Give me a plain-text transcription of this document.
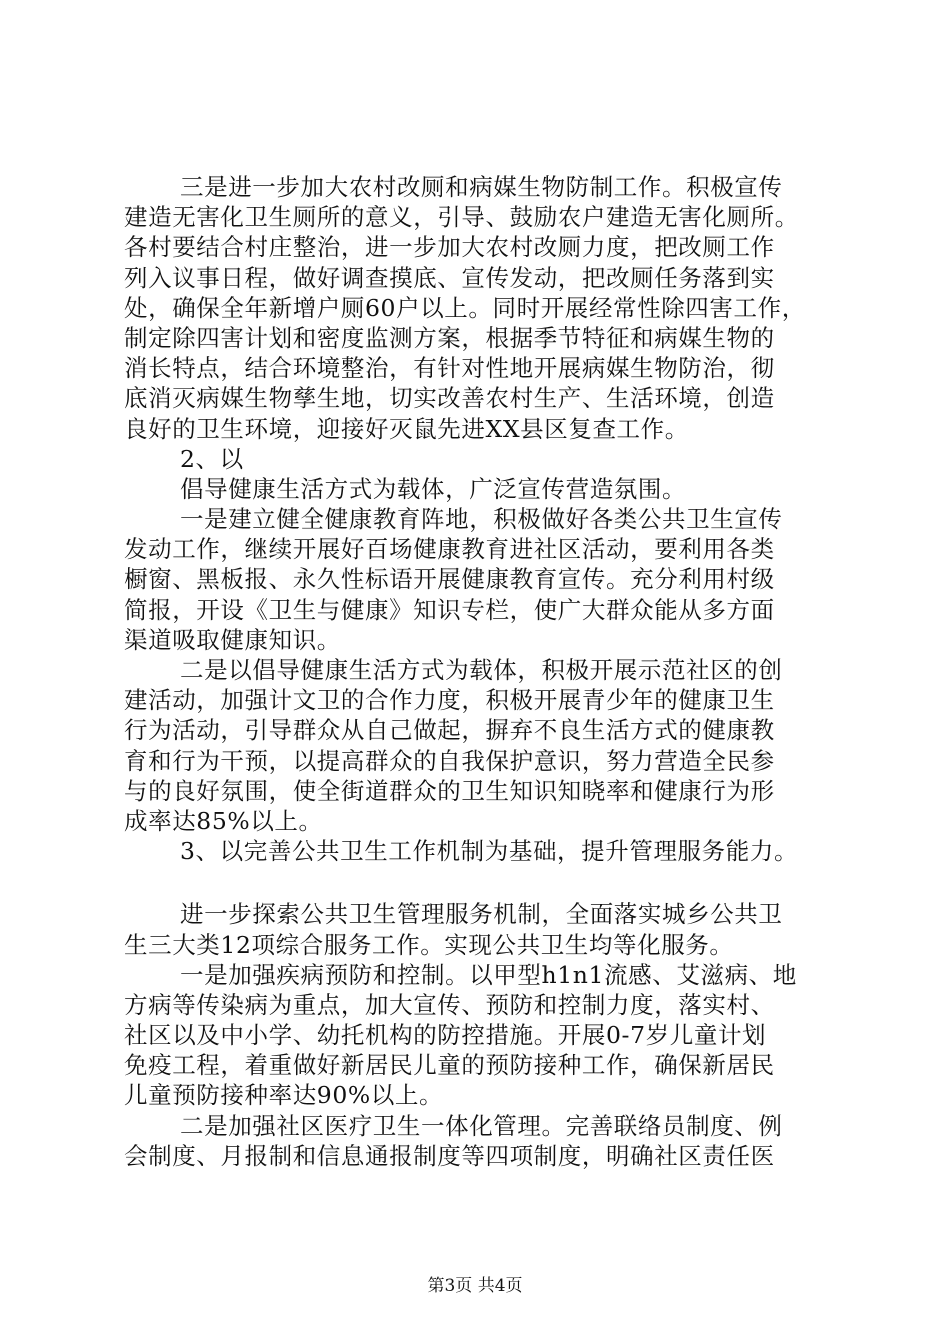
三是进一步加大农村改厕和病媒生物防制工作。积极宣传
建造无害化卫生厕所的意义，引导、鼓励农户建造无害化厕所。
各村要结合村庄整治，进一步加大农村改厕力度，把改厕工作
列入议事日程，做好调查摸底、宣传发动，把改厕任务落到实
处，确保全年新增户厕60户以上。同时开展经常性除四害工作，
制定除四害计划和密度监测方案，根据季节特征和病媒生物的
消长特点，结合环境整治，有针对性地开展病媒生物防治，彻
底消灭病媒生物孳生地，切实改善农村生产、生活环境，创造
良好的卫生环境，迎接好灭鼠先进XX县区复查工作。
2、以
倡导健康生活方式为载体，广泛宣传营造氛围。
一是建立健全健康教育阵地，积极做好各类公共卫生宣传
发动工作，继续开展好百场健康教育进社区活动，要利用各类
橱窗、黑板报、永久性标语开展健康教育宣传。充分利用村级
简报，开设《卫生与健康》知识专栏，使广大群众能从多方面
渠道吸取健康知识。
二是以倡导健康生活方式为载体，积极开展示范社区的创
建活动，加强计文卫的合作力度，积极开展青少年的健康卫生
行为活动，引导群众从自己做起，摒弃不良生活方式的健康教
育和行为干预，以提高群众的自我保护意识，努力营造全民参
与的良好氛围，使全街道群众的卫生知识知晓率和健康行为形
成率达85%以上。
3、以完善公共卫生工作机制为基础，提升管理服务能力。
进一步探索公共卫生管理服务机制，全面落实城乡公共卫
生三大类12项综合服务工作。实现公共卫生均等化服务。
一是加强疾病预防和控制。以甲型h1n1流感、艾滋病、地
方病等传染病为重点，加大宣传、预防和控制力度，落实村、
社区以及中小学、幼托机构的防控措施。开展0-7岁儿童计划
免疫工程，着重做好新居民儿童的预防接种工作，确保新居民
儿童预防接种率达90%以上。
二是加强社区医疗卫生一体化管理。完善联络员制度、例
会制度、月报制和信息通报制度等四项制度，明确社区责任医
第3页 共4页
